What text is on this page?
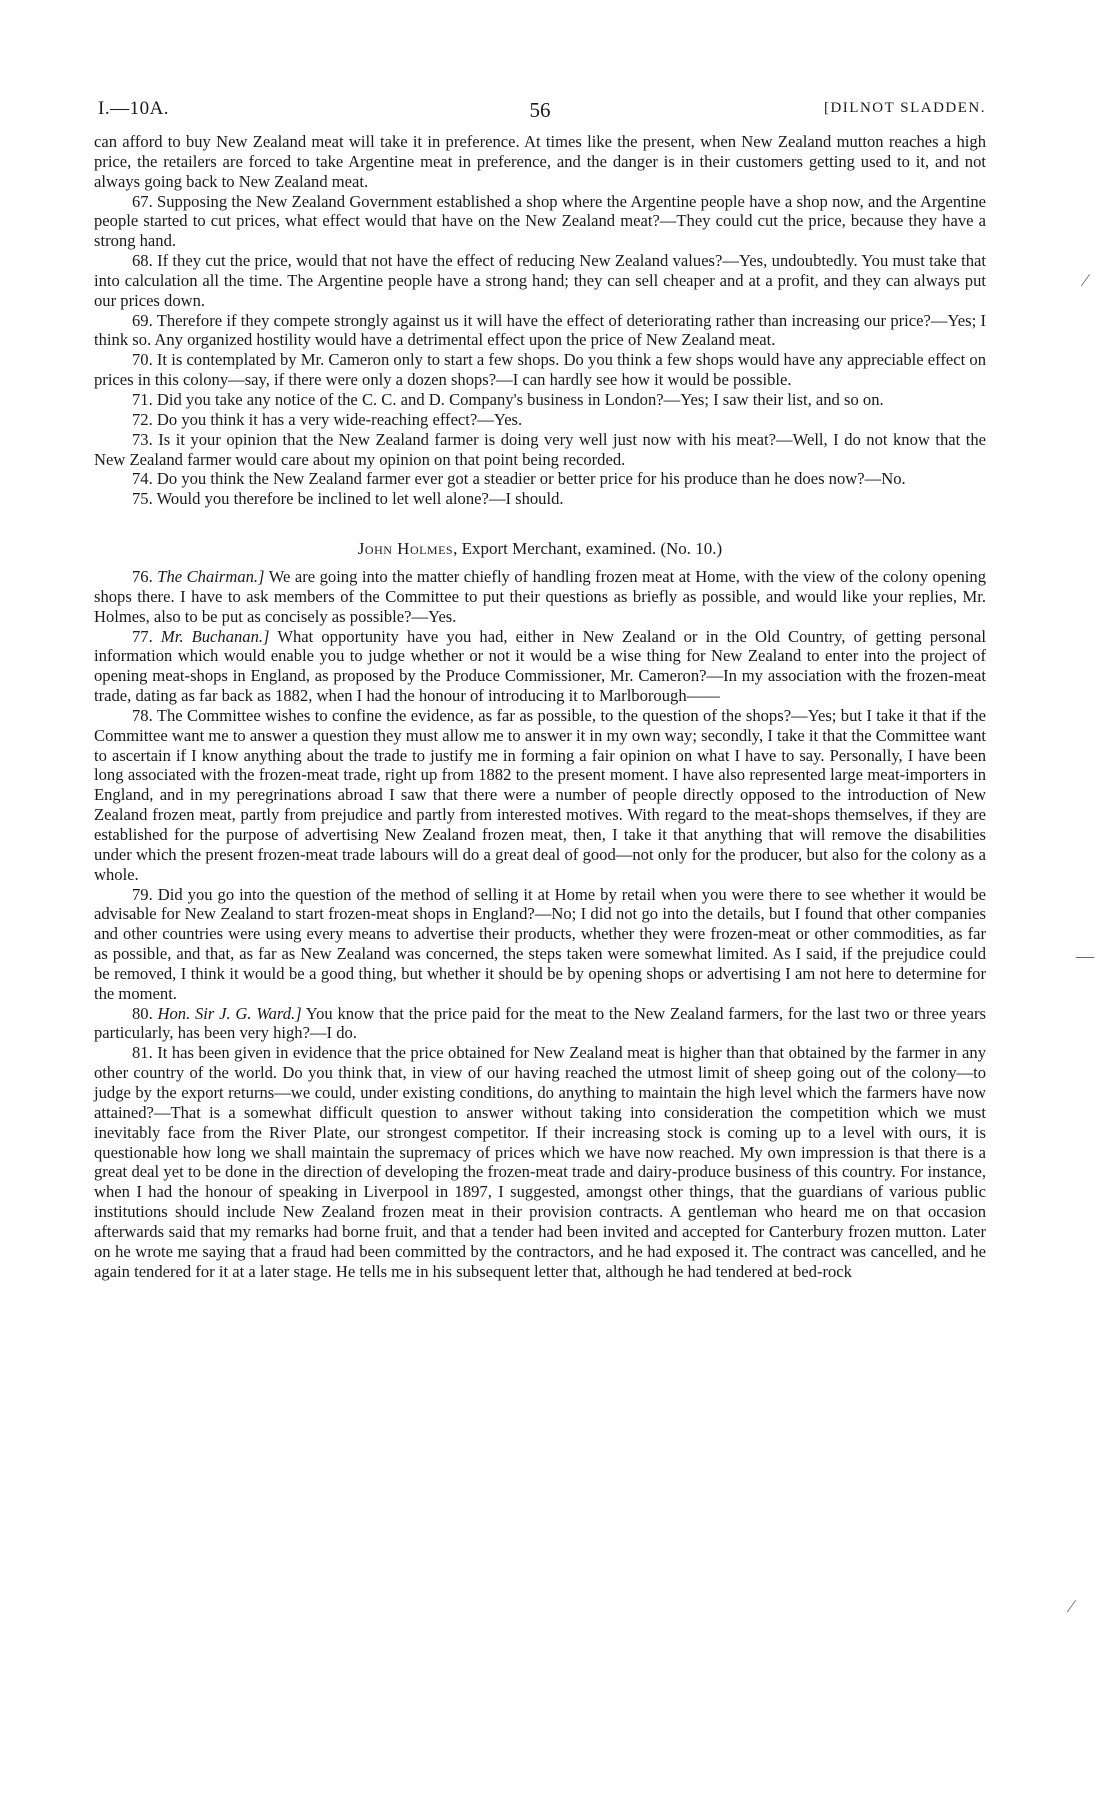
I.—10A.	56	[DILNOT SLADDEN.

can afford to buy New Zealand meat will take it in preference. At times like the present, when New Zealand mutton reaches a high price, the retailers are forced to take Argentine meat in preference, and the danger is in their customers getting used to it, and not always going back to New Zealand meat.

67. Supposing the New Zealand Government established a shop where the Argentine people have a shop now, and the Argentine people started to cut prices, what effect would that have on the New Zealand meat?—They could cut the price, because they have a strong hand.

68. If they cut the price, would that not have the effect of reducing New Zealand values?—Yes, undoubtedly. You must take that into calculation all the time. The Argentine people have a strong hand; they can sell cheaper and at a profit, and they can always put our prices down.

69. Therefore if they compete strongly against us it will have the effect of deteriorating rather than increasing our price?—Yes; I think so. Any organized hostility would have a detrimental effect upon the price of New Zealand meat.

70. It is contemplated by Mr. Cameron only to start a few shops. Do you think a few shops would have any appreciable effect on prices in this colony—say, if there were only a dozen shops?—I can hardly see how it would be possible.

71. Did you take any notice of the C. C. and D. Company's business in London?—Yes; I saw their list, and so on.

72. Do you think it has a very wide-reaching effect?—Yes.

73. Is it your opinion that the New Zealand farmer is doing very well just now with his meat?—Well, I do not know that the New Zealand farmer would care about my opinion on that point being recorded.

74. Do you think the New Zealand farmer ever got a steadier or better price for his produce than he does now?—No.

75. Would you therefore be inclined to let well alone?—I should.

John Holmes, Export Merchant, examined. (No. 10.)

76. The Chairman.] We are going into the matter chiefly of handling frozen meat at Home, with the view of the colony opening shops there. I have to ask members of the Committee to put their questions as briefly as possible, and would like your replies, Mr. Holmes, also to be put as concisely as possible?—Yes.

77. Mr. Buchanan.] What opportunity have you had, either in New Zealand or in the Old Country, of getting personal information which would enable you to judge whether or not it would be a wise thing for New Zealand to enter into the project of opening meat-shops in England, as proposed by the Produce Commissioner, Mr. Cameron?—In my association with the frozen-meat trade, dating as far back as 1882, when I had the honour of introducing it to Marlborough——

78. The Committee wishes to confine the evidence, as far as possible, to the question of the shops?—Yes; but I take it that if the Committee want me to answer a question they must allow me to answer it in my own way; secondly, I take it that the Committee want to ascertain if I know anything about the trade to justify me in forming a fair opinion on what I have to say. Personally, I have been long associated with the frozen-meat trade, right up from 1882 to the present moment. I have also represented large meat-importers in England, and in my peregrinations abroad I saw that there were a number of people directly opposed to the introduction of New Zealand frozen meat, partly from prejudice and partly from interested motives. With regard to the meat-shops themselves, if they are established for the purpose of advertising New Zealand frozen meat, then, I take it that anything that will remove the disabilities under which the present frozen-meat trade labours will do a great deal of good—not only for the producer, but also for the colony as a whole.

79. Did you go into the question of the method of selling it at Home by retail when you were there to see whether it would be advisable for New Zealand to start frozen-meat shops in England?—No; I did not go into the details, but I found that other companies and other countries were using every means to advertise their products, whether they were frozen-meat or other commodities, as far as possible, and that, as far as New Zealand was concerned, the steps taken were somewhat limited. As I said, if the prejudice could be removed, I think it would be a good thing, but whether it should be by opening shops or advertising I am not here to determine for the moment.

80. Hon. Sir J. G. Ward.] You know that the price paid for the meat to the New Zealand farmers, for the last two or three years particularly, has been very high?—I do.

81. It has been given in evidence that the price obtained for New Zealand meat is higher than that obtained by the farmer in any other country of the world. Do you think that, in view of our having reached the utmost limit of sheep going out of the colony—to judge by the export returns—we could, under existing conditions, do anything to maintain the high level which the farmers have now attained?—That is a somewhat difficult question to answer without taking into consideration the competition which we must inevitably face from the River Plate, our strongest competitor. If their increasing stock is coming up to a level with ours, it is questionable how long we shall maintain the supremacy of prices which we have now reached. My own impression is that there is a great deal yet to be done in the direction of developing the frozen-meat trade and dairy-produce business of this country. For instance, when I had the honour of speaking in Liverpool in 1897, I suggested, amongst other things, that the guardians of various public institutions should include New Zealand frozen meat in their provision contracts. A gentleman who heard me on that occasion afterwards said that my remarks had borne fruit, and that a tender had been invited and accepted for Canterbury frozen mutton. Later on he wrote me saying that a fraud had been committed by the contractors, and he had exposed it. The contract was cancelled, and he again tendered for it at a later stage. He tells me in his subsequent letter that, although he had tendered at bed-rock

∕
—
∕
